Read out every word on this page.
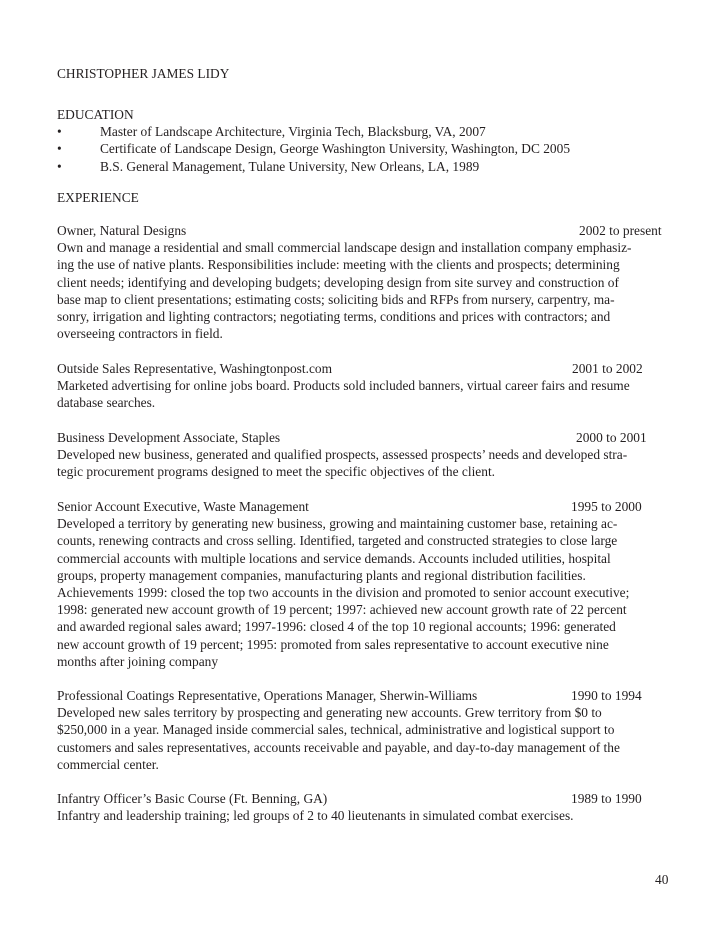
CHRISTOPHER JAMES LIDY
EDUCATION
•	Master of Landscape Architecture, Virginia Tech, Blacksburg, VA, 2007
•	Certificate of Landscape Design, George Washington University, Washington, DC 2005
•	B.S. General Management, Tulane University, New Orleans, LA, 1989
EXPERIENCE
Owner, Natural Designs	2002 to present
Own and manage a residential and small commercial landscape design and installation company emphasiz-
ing the use of native plants. Responsibilities include: meeting with the clients and prospects; determining
client needs; identifying and developing budgets; developing design from site survey and construction of
base map to client presentations; estimating costs; soliciting bids and RFPs from nursery, carpentry, ma-
sonry, irrigation and lighting contractors; negotiating terms, conditions and prices with contractors; and
overseeing contractors in field.
Outside Sales Representative, Washingtonpost.com	2001 to 2002
Marketed advertising for online jobs board. Products sold included banners, virtual career fairs and resume
database searches.
Business Development Associate, Staples	2000 to 2001
Developed new business, generated and qualified prospects, assessed prospects’ needs and developed stra-
tegic procurement programs designed to meet the specific objectives of the client.
Senior Account Executive, Waste Management	1995 to 2000
Developed a territory by generating new business, growing and maintaining customer base, retaining ac-
counts, renewing contracts and cross selling. Identified, targeted and constructed strategies to close large
commercial accounts with multiple locations and service demands. Accounts included utilities, hospital
groups, property management companies, manufacturing plants and regional distribution facilities.
Achievements 1999: closed the top two accounts in the division and promoted to senior account executive;
1998: generated new account growth of 19 percent; 1997: achieved new account growth rate of 22 percent
and awarded regional sales award; 1997-1996: closed 4 of the top 10 regional accounts; 1996: generated
new account growth of 19 percent; 1995: promoted from sales representative to account executive nine
months after joining company
Professional Coatings Representative, Operations Manager, Sherwin-Williams	1990 to 1994
Developed new sales territory by prospecting and generating new accounts. Grew territory from $0 to
$250,000 in a year. Managed inside commercial sales, technical, administrative and logistical support to
customers and sales representatives, accounts receivable and payable, and day-to-day management of the
commercial center.
Infantry Officer’s Basic Course (Ft. Benning, GA)	1989 to 1990
Infantry and leadership training; led groups of 2 to 40 lieutenants in simulated combat exercises.
40
